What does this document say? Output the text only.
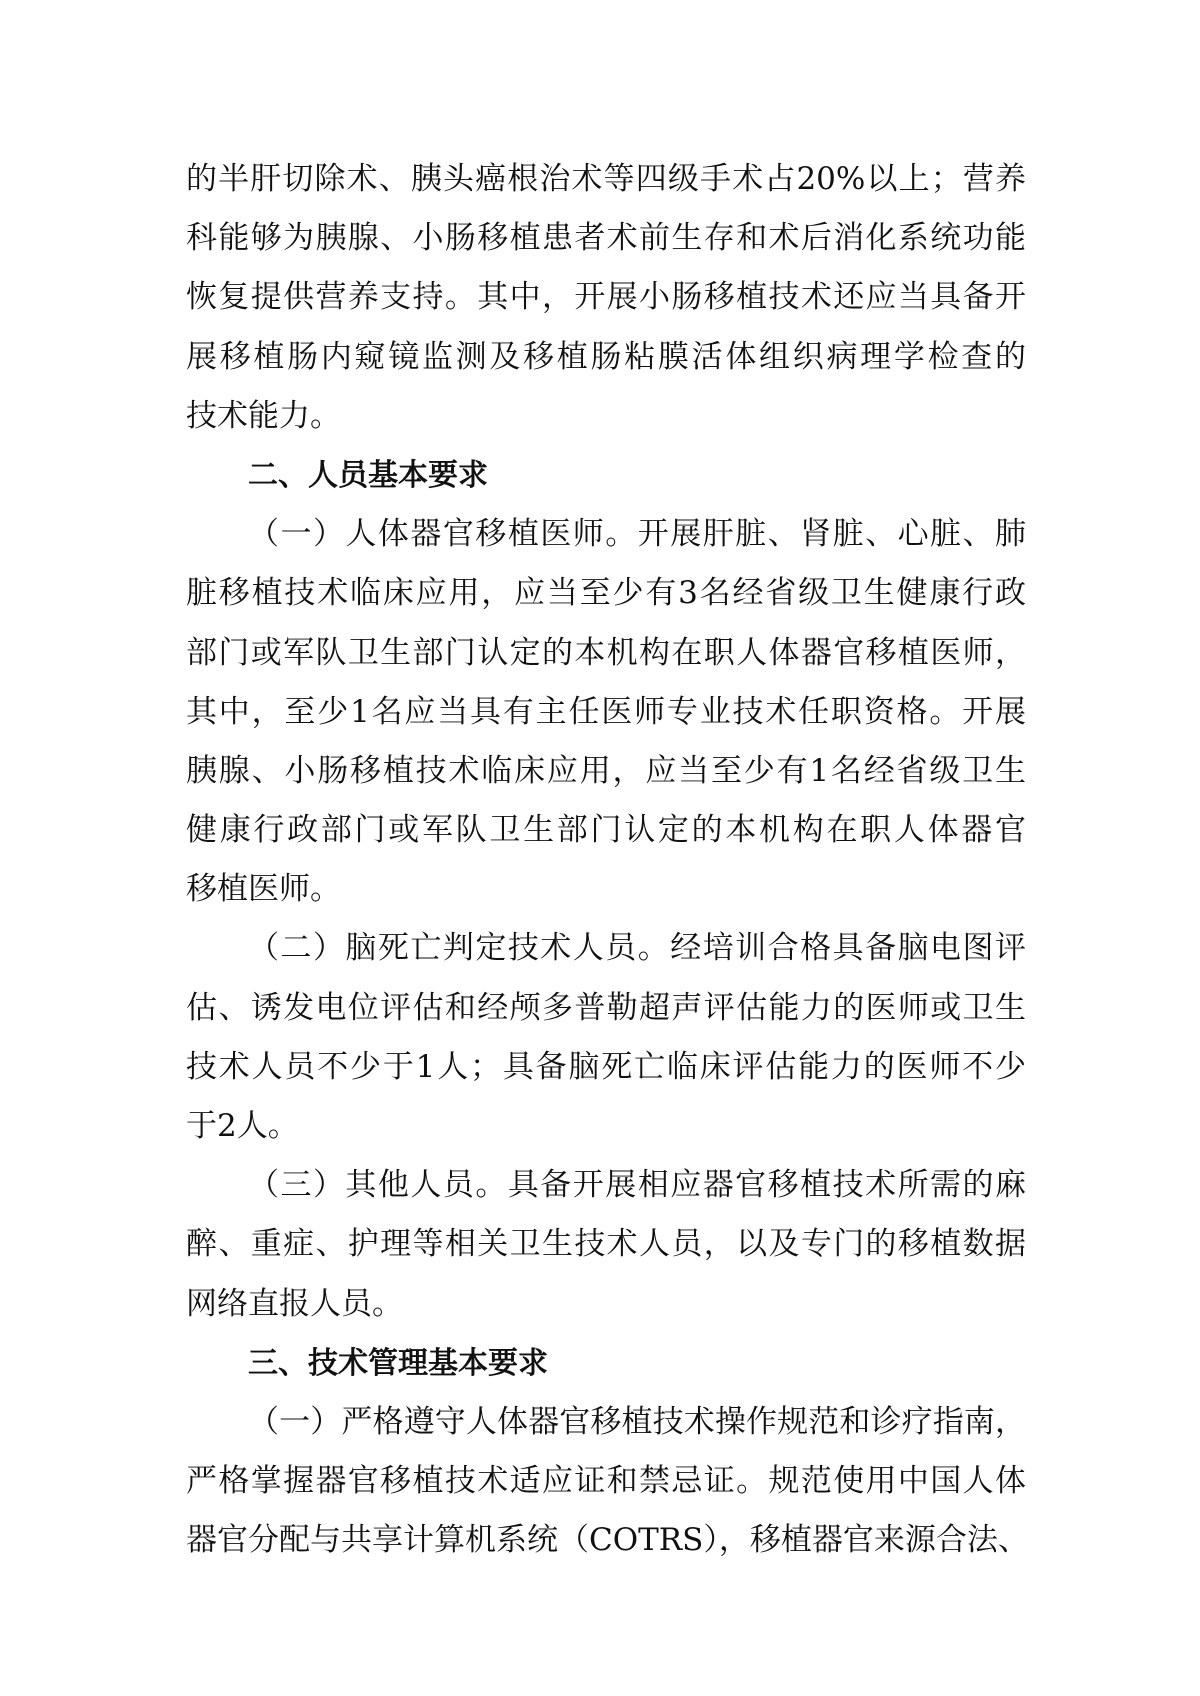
的半肝切除术、胰头癌根治术等四级手术占20%以上；营养
科能够为胰腺、小肠移植患者术前生存和术后消化系统功能
恢复提供营养支持。其中，开展小肠移植技术还应当具备开
展移植肠内窥镜监测及移植肠粘膜活体组织病理学检查的
技术能力。
二、人员基本要求
（一）人体器官移植医师。开展肝脏、肾脏、心脏、肺
脏移植技术临床应用，应当至少有3名经省级卫生健康行政
部门或军队卫生部门认定的本机构在职人体器官移植医师，
其中，至少1名应当具有主任医师专业技术任职资格。开展
胰腺、小肠移植技术临床应用，应当至少有1名经省级卫生
健康行政部门或军队卫生部门认定的本机构在职人体器官
移植医师。
（二）脑死亡判定技术人员。经培训合格具备脑电图评
估、诱发电位评估和经颅多普勒超声评估能力的医师或卫生
技术人员不少于1人；具备脑死亡临床评估能力的医师不少
于2人。
（三）其他人员。具备开展相应器官移植技术所需的麻
醉、重症、护理等相关卫生技术人员，以及专门的移植数据
网络直报人员。
三、技术管理基本要求
（一）严格遵守人体器官移植技术操作规范和诊疗指南，
严格掌握器官移植技术适应证和禁忌证。规范使用中国人体
器官分配与共享计算机系统（COTRS），移植器官来源合法、
